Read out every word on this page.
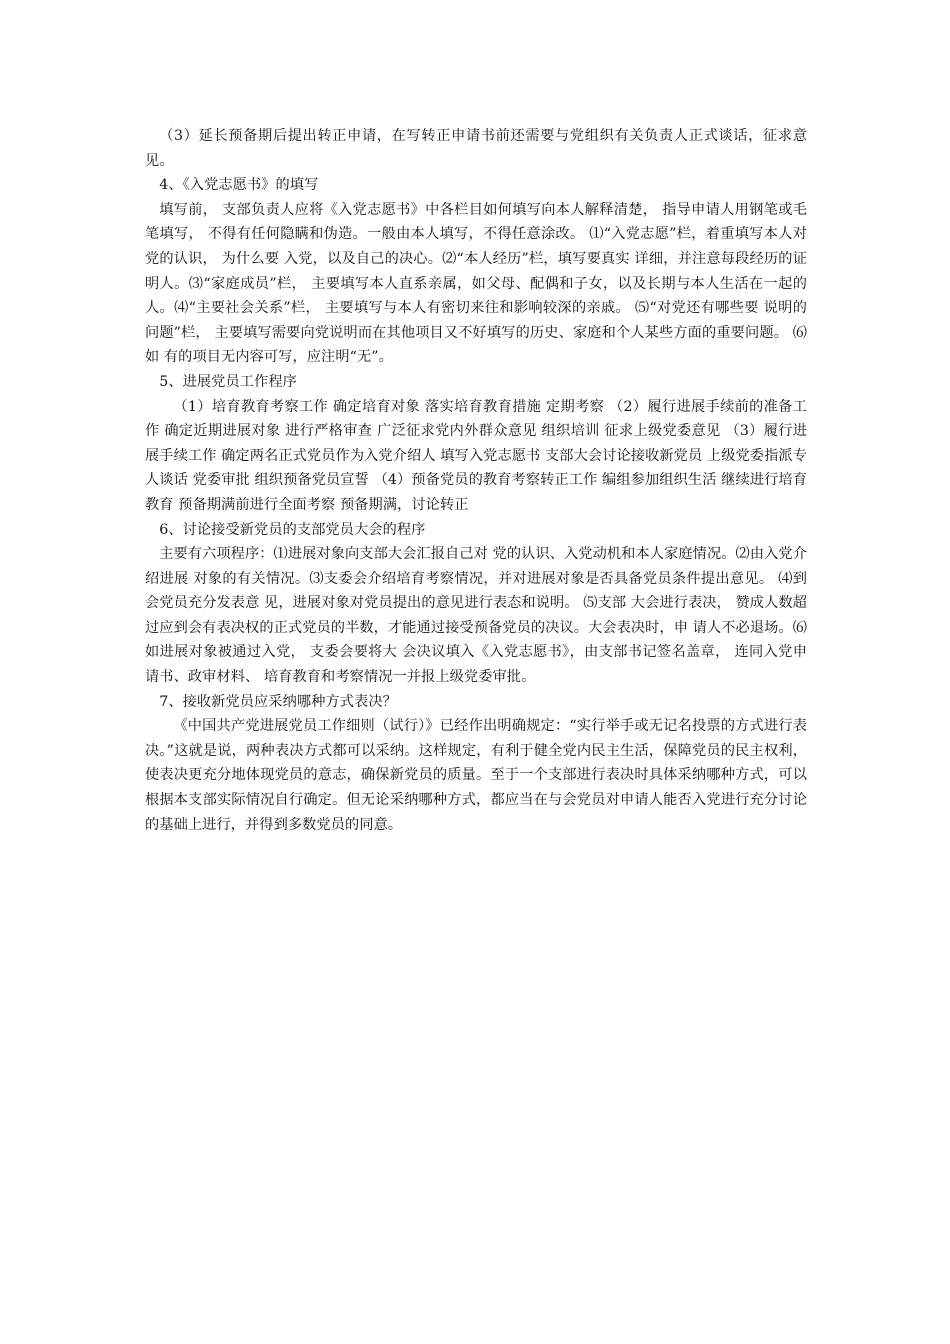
（3）延长预备期后提出转正申请，在写转正申请书前还需要与党组织有关负责人正式谈话，征求意见。

4、《入党志愿书》的填写

填写前， 支部负责人应将《入党志愿书》中各栏目如何填写向本人解释清楚， 指导申请人用钢笔或毛笔填写， 不得有任何隐瞒和伪造。一般由本人填写，不得任意涂改。 ⑴“入党志愿”栏，着重填写本人对党的认识， 为什么要 入党，以及自己的决心。⑵“本人经历”栏，填写要真实 详细，并注意每段经历的证明人。⑶“家庭成员”栏， 主要填写本人直系亲属，如父母、配偶和子女，以及长期与本人生活在一起的人。⑷“主要社会关系”栏， 主要填写与本人有密切来往和影响较深的亲戚。 ⑸“对党还有哪些要 说明的问题”栏， 主要填写需要向党说明而在其他项目又不好填写的历史、家庭和个人某些方面的重要问题。 ⑹如 有的项目无内容可写，应注明“无”。

5、进展党员工作程序

（1）培育教育考察工作 确定培育对象 落实培育教育措施 定期考察 （2）履行进展手续前的准备工作 确定近期进展对象 进行严格审查 广泛征求党内外群众意见 组织培训 征求上级党委意见 （3）履行进展手续工作 确定两名正式党员作为入党介绍人 填写入党志愿书 支部大会讨论接收新党员 上级党委指派专人谈话 党委审批 组织预备党员宣誓 （4）预备党员的教育考察转正工作 编组参加组织生活 继续进行培育教育 预备期满前进行全面考察 预备期满，讨论转正

6、讨论接受新党员的支部党员大会的程序

主要有六项程序：⑴进展对象向支部大会汇报自己对 党的认识、入党动机和本人家庭情况。⑵由入党介绍进展 对象的有关情况。⑶支委会介绍培育考察情况，并对进展对象是否具备党员条件提出意见。 ⑷到会党员充分发表意 见，进展对象对党员提出的意见进行表态和说明。 ⑸支部 大会进行表决， 赞成人数超过应到会有表决权的正式党员的半数，才能通过接受预备党员的决议。大会表决时，申 请人不必退场。⑹如进展对象被通过入党， 支委会要将大 会决议填入《入党志愿书》，由支部书记签名盖章， 连同入党申请书、政审材料、 培育教育和考察情况一并报上级党委审批。

7、接收新党员应采纳哪种方式表决？

《中国共产党进展党员工作细则（试行）》已经作出明确规定：“实行举手或无记名投票的方式进行表决。”这就是说，两种表决方式都可以采纳。这样规定，有利于健全党内民主生活，保障党员的民主权利，使表决更充分地体现党员的意志，确保新党员的质量。至于一个支部进行表决时具体采纳哪种方式，可以根据本支部实际情况自行确定。但无论采纳哪种方式，都应当在与会党员对申请人能否入党进行充分讨论的基础上进行，并得到多数党员的同意。
